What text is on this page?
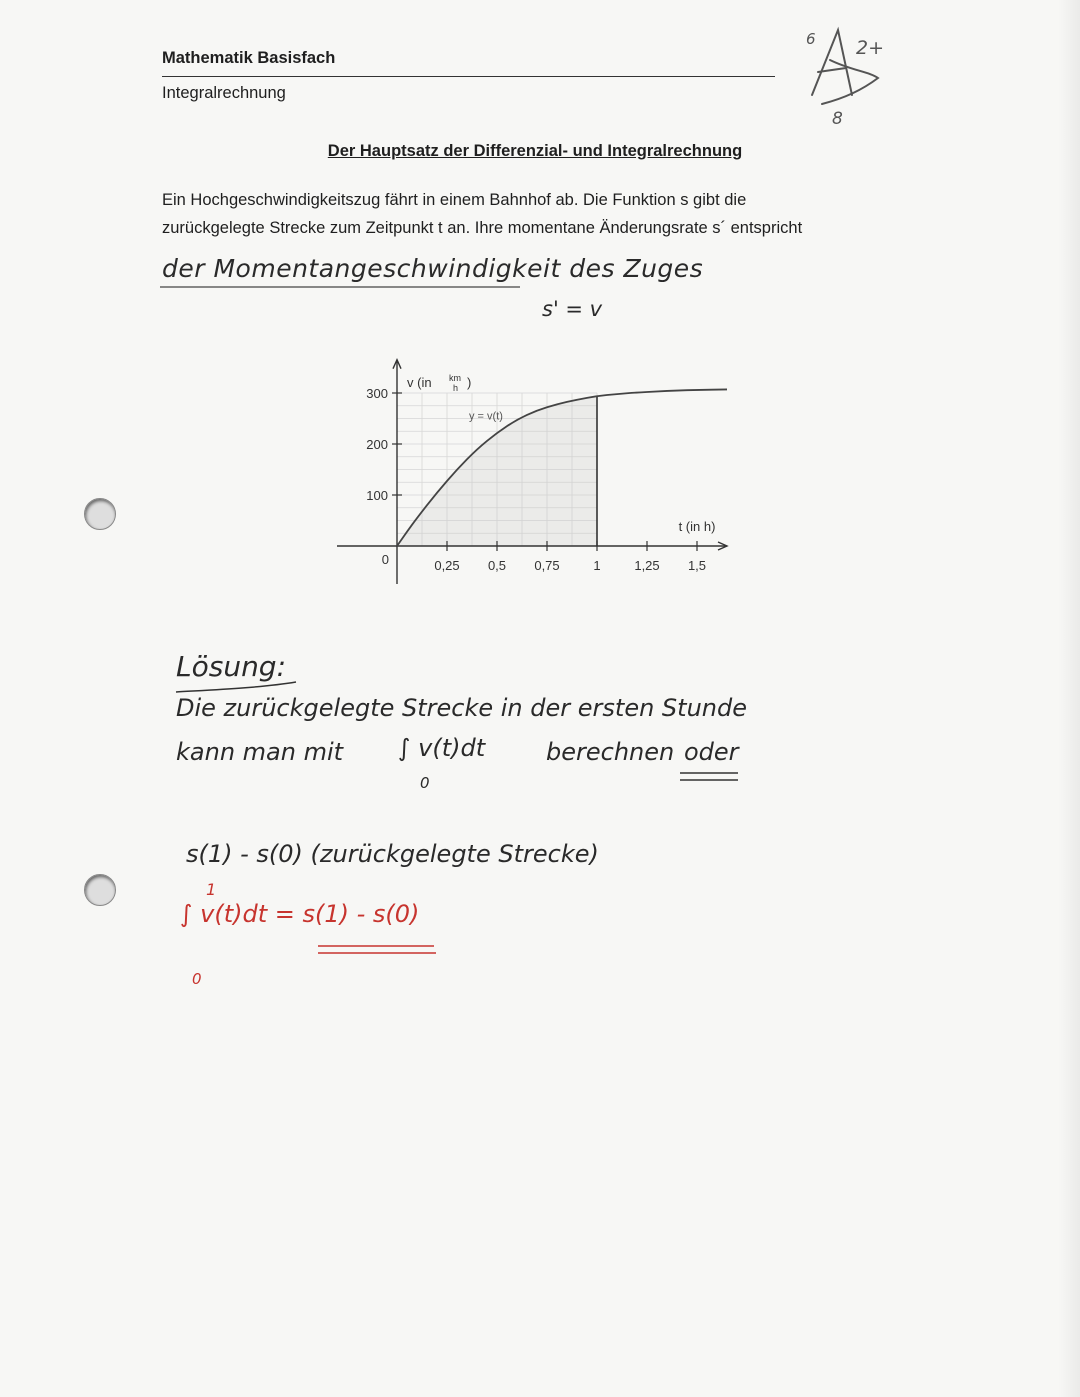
Mathematik Basisfach
Integralrechnung
6 2+
8
Der Hauptsatz der Differenzial- und Integralrechnung
Ein Hochgeschwindigkeitszug fährt in einem Bahnhof ab. Die Funktion s gibt die
zurückgelegte Strecke zum Zeitpunkt t an. Ihre momentane Änderungsrate s´ entspricht
der Momentangeschwindigkeit des Zuges
s' = v
0,25 0,5 0,75	1	1,25 1,5
100
200
300
0
v (in km
h )
t (in h)
y = v(t)
Lösung:
Die zurückgelegte Strecke in der ersten Stunde
kann man mit ∫ v(t)dt
0
berechnen oder
s(1) - s(0) (zurückgelegte Strecke)
1
∫ v(t)dt = s(1) - s(0)
0
